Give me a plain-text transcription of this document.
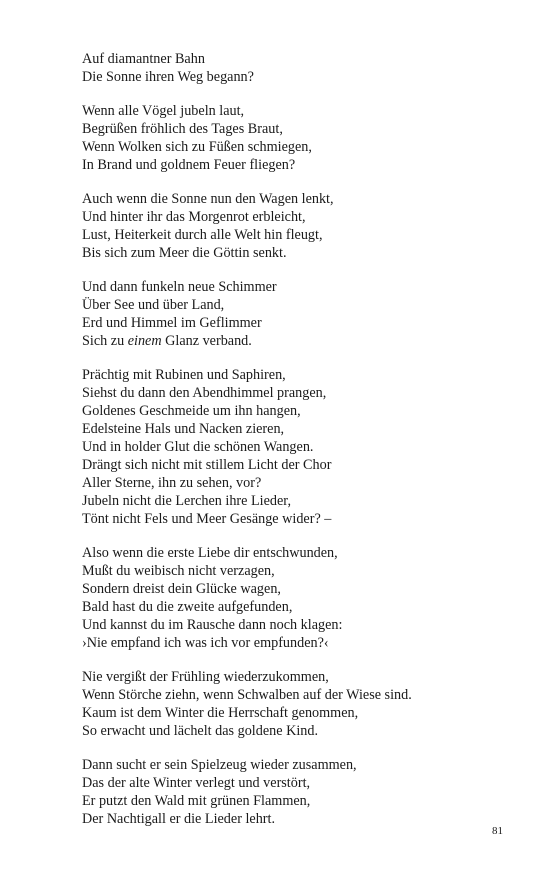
Auf diamantner Bahn
Die Sonne ihren Weg begann?
Wenn alle Vögel jubeln laut,
Begrüßen fröhlich des Tages Braut,
Wenn Wolken sich zu Füßen schmiegen,
In Brand und goldnem Feuer fliegen?
Auch wenn die Sonne nun den Wagen lenkt,
Und hinter ihr das Morgenrot erbleicht,
Lust, Heiterkeit durch alle Welt hin fleugt,
Bis sich zum Meer die Göttin senkt.
Und dann funkeln neue Schimmer
Über See und über Land,
Erd und Himmel im Geflimmer
Sich zu einem Glanz verband.
Prächtig mit Rubinen und Saphiren,
Siehst du dann den Abendhimmel prangen,
Goldenes Geschmeide um ihn hangen,
Edelsteine Hals und Nacken zieren,
Und in holder Glut die schönen Wangen.
Drängt sich nicht mit stillem Licht der Chor
Aller Sterne, ihn zu sehen, vor?
Jubeln nicht die Lerchen ihre Lieder,
Tönt nicht Fels und Meer Gesänge wider? –
Also wenn die erste Liebe dir entschwunden,
Mußt du weibisch nicht verzagen,
Sondern dreist dein Glücke wagen,
Bald hast du die zweite aufgefunden,
Und kannst du im Rausche dann noch klagen:
›Nie empfand ich was ich vor empfunden?‹
Nie vergißt der Frühling wiederzukommen,
Wenn Störche ziehn, wenn Schwalben auf der Wiese sind.
Kaum ist dem Winter die Herrschaft genommen,
So erwacht und lächelt das goldene Kind.
Dann sucht er sein Spielzeug wieder zusammen,
Das der alte Winter verlegt und verstört,
Er putzt den Wald mit grünen Flammen,
Der Nachtigall er die Lieder lehrt.
81
